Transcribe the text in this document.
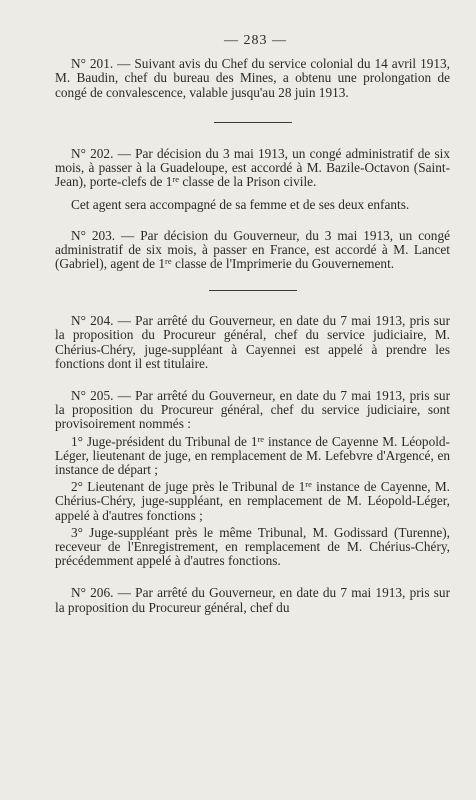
— 283 —

N° 201. — Suivant avis du Chef du service colonial du 14 avril 1913, M. Baudin, chef du bureau des Mines, a obtenu une prolongation de congé de convalescence, valable jusqu'au 28 juin 1913.

N° 202. — Par décision du 3 mai 1913, un congé administratif de six mois, à passer à la Guadeloupe, est accordé à M. Bazile-Octavon (Saint-Jean), porte-clefs de 1re classe de la Prison civile.

Cet agent sera accompagné de sa femme et de ses deux enfants.

N° 203. — Par décision du Gouverneur, du 3 mai 1913, un congé administratif de six mois, à passer en France, est accordé à M. Lancet (Gabriel), agent de 1re classe de l'Imprimerie du Gouvernement.

N° 204. — Par arrêté du Gouverneur, en date du 7 mai 1913, pris sur la proposition du Procureur général, chef du service judiciaire, M. Chérius-Chéry, juge-suppléant à Cayennei est appelé à prendre les fonctions dont il est titulaire.

N° 205. — Par arrêté du Gouverneur, en date du 7 mai 1913, pris sur la proposition du Procureur général, chef du service judiciaire, sont provisoirement nommés :

1° Juge-président du Tribunal de 1re instance de Cayenne M. Léopold-Léger, lieutenant de juge, en remplacement de M. Lefebvre d'Argencé, en instance de départ ;

2° Lieutenant de juge près le Tribunal de 1re instance de Cayenne, M. Chérius-Chéry, juge-suppléant, en remplacement de M. Léopold-Léger, appelé à d'autres fonctions ;

3° Juge-suppléant près le même Tribunal, M. Godissard (Turenne), receveur de l'Enregistrement, en remplacement de M. Chérius-Chéry, précédemment appelé à d'autres fonctions.

N° 206. — Par arrêté du Gouverneur, en date du 7 mai 1913, pris sur la proposition du Procureur général, chef du
